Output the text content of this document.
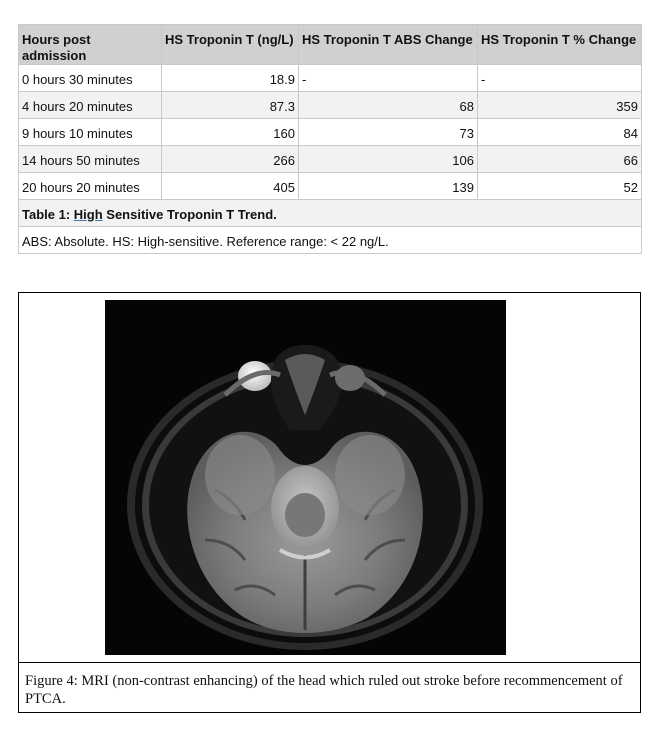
Hours post admission	HS Troponin T (ng/L)	HS Troponin T ABS Change	HS Troponin T % Change
0 hours 30 minutes	18.9	-	-
4 hours 20 minutes	87.3	68	359
9 hours 10 minutes	160	73	84
14 hours 50 minutes	266	106	66
20 hours 20 minutes	405	139	52
Table 1: High Sensitive Troponin T Trend.			
ABS: Absolute. HS: High-sensitive. Reference range: < 22 ng/L.			
Figure 4: MRI (non-contrast enhancing) of the head which ruled out stroke before recommencement of PTCA.
